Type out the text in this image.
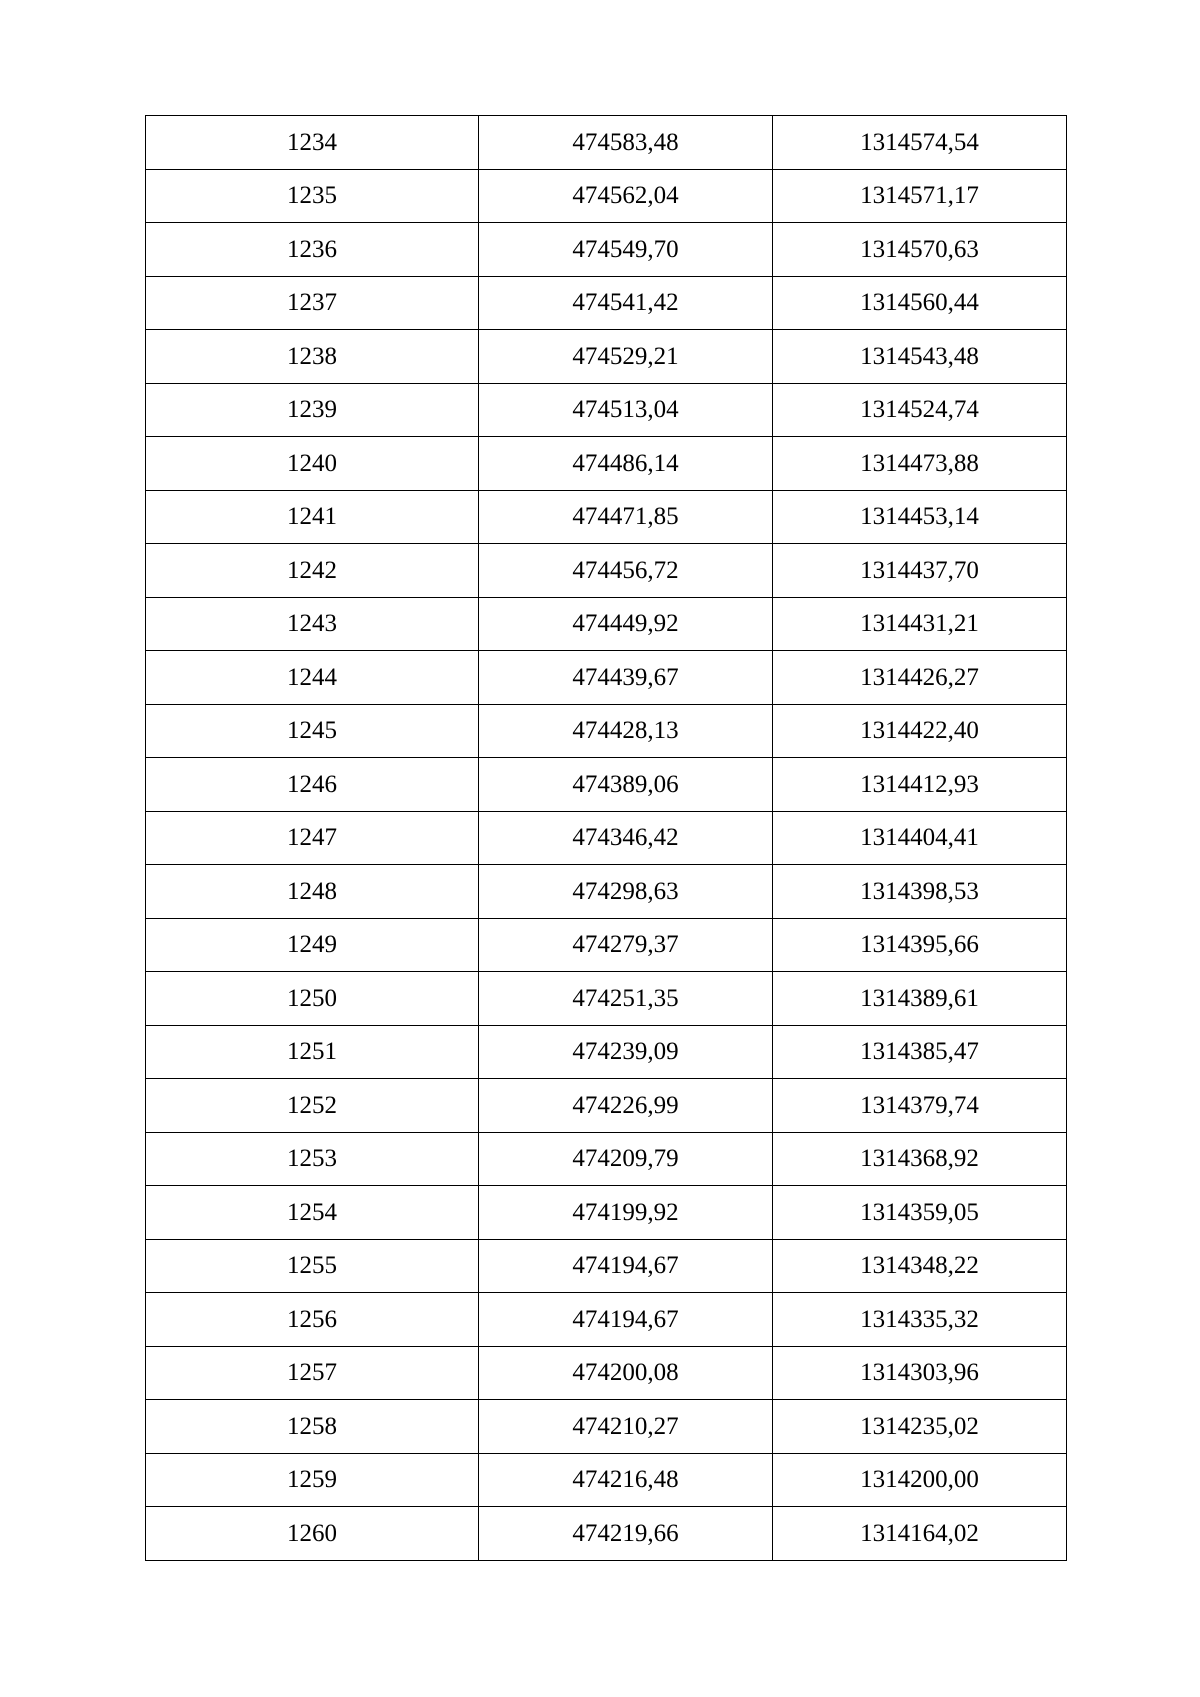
1234	474583,48	1314574,54
1235	474562,04	1314571,17
1236	474549,70	1314570,63
1237	474541,42	1314560,44
1238	474529,21	1314543,48
1239	474513,04	1314524,74
1240	474486,14	1314473,88
1241	474471,85	1314453,14
1242	474456,72	1314437,70
1243	474449,92	1314431,21
1244	474439,67	1314426,27
1245	474428,13	1314422,40
1246	474389,06	1314412,93
1247	474346,42	1314404,41
1248	474298,63	1314398,53
1249	474279,37	1314395,66
1250	474251,35	1314389,61
1251	474239,09	1314385,47
1252	474226,99	1314379,74
1253	474209,79	1314368,92
1254	474199,92	1314359,05
1255	474194,67	1314348,22
1256	474194,67	1314335,32
1257	474200,08	1314303,96
1258	474210,27	1314235,02
1259	474216,48	1314200,00
1260	474219,66	1314164,02
